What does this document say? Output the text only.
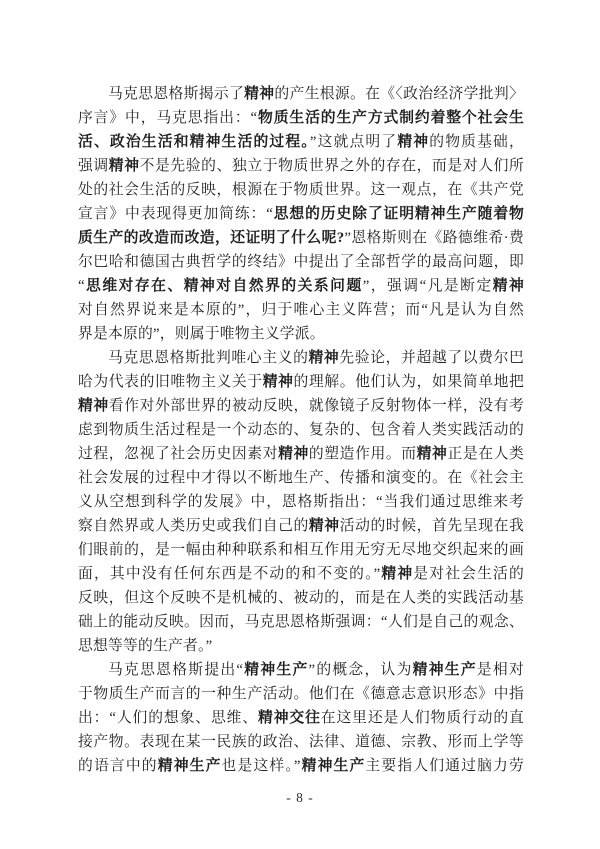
马克思恩格斯揭示了精神的产生根源。在《〈政治经济学批判〉
序言》中，马克思指出：“物质生活的生产方式制约着整个社会生
活、政治生活和精神生活的过程。”这就点明了精神的物质基础，
强调精神不是先验的、独立于物质世界之外的存在，而是对人们所
处的社会生活的反映，根源在于物质世界。这一观点，在《共产党
宣言》中表现得更加简练：“思想的历史除了证明精神生产随着物
质生产的改造而改造，还证明了什么呢?”恩格斯则在《路德维希·费
尔巴哈和德国古典哲学的终结》中提出了全部哲学的最高问题，即
“思维对存在、精神对自然界的关系问题”，强调“凡是断定精神
对自然界说来是本原的”，归于唯心主义阵营；而“凡是认为自然
界是本原的”，则属于唯物主义学派。
马克思恩格斯批判唯心主义的精神先验论，并超越了以费尔巴
哈为代表的旧唯物主义关于精神的理解。他们认为，如果简单地把
精神看作对外部世界的被动反映，就像镜子反射物体一样，没有考
虑到物质生活过程是一个动态的、复杂的、包含着人类实践活动的
过程，忽视了社会历史因素对精神的塑造作用。而精神正是在人类
社会发展的过程中才得以不断地生产、传播和演变的。在《社会主
义从空想到科学的发展》中，恩格斯指出：“当我们通过思维来考
察自然界或人类历史或我们自己的精神活动的时候，首先呈现在我
们眼前的，是一幅由种种联系和相互作用无穷无尽地交织起来的画
面，其中没有任何东西是不动的和不变的。”精神是对社会生活的
反映，但这个反映不是机械的、被动的，而是在人类的实践活动基
础上的能动反映。因而，马克思恩格斯强调：“人们是自己的观念、
思想等等的生产者。”
马克思恩格斯提出“精神生产”的概念，认为精神生产是相对
于物质生产而言的一种生产活动。他们在《德意志意识形态》中指
出：“人们的想象、思维、精神交往在这里还是人们物质行动的直
接产物。表现在某一民族的政治、法律、道德、宗教、形而上学等
的语言中的精神生产也是这样。”精神生产主要指人们通过脑力劳
- 8 -
